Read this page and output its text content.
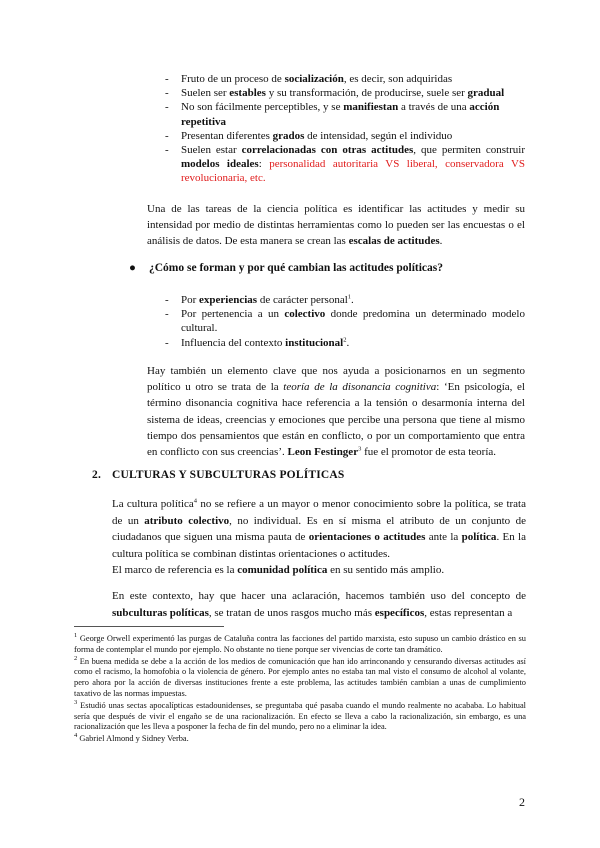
- Fruto de un proceso de socialización, es decir, son adquiridas

- Suelen ser estables y su transformación, de producirse, suele ser gradual

- No son fácilmente perceptibles, y se manifiestan a través de una acción repetitiva

- Presentan diferentes grados de intensidad, según el individuo

- Suelen estar correlacionadas con otras actitudes, que permiten construir modelos ideales: personalidad autoritaria VS liberal, conservadora VS revolucionaria, etc.

Una de las tareas de la ciencia política es identificar las actitudes y medir su intensidad por medio de distintas herramientas como lo pueden ser las encuestas o el análisis de datos. De esta manera se crean las escalas de actitudes.

● ¿Cómo se forman y por qué cambian las actitudes políticas?

- Por experiencias de carácter personal$^1$.

- Por pertenencia a un colectivo donde predomina un determinado modelo cultural.

- Influencia del contexto institucional$^2$.

Hay también un elemento clave que nos ayuda a posicionarnos en un segmento político u otro se trata de la teoría de la disonancia cognitiva: ‘En psicología, el término disonancia cognitiva hace referencia a la tensión o desarmonía interna del sistema de ideas, creencias y emociones que percibe una persona que tiene al mismo tiempo dos pensamientos que están en conflicto, o por un comportamiento que entra en conflicto con sus creencias’. Leon Festinger$^3$ fue el promotor de esta teoría.

2. CULTURAS Y SUBCULTURAS POLÍTICAS

La cultura política$^4$ no se refiere a un mayor o menor conocimiento sobre la política, se trata de un atributo colectivo, no individual. Es en sí misma el atributo de un conjunto de ciudadanos que siguen una misma pauta de orientaciones o actitudes ante la política. En la cultura política se combinan distintas orientaciones o actitudes.

El marco de referencia es la comunidad política en su sentido más amplio.

En este contexto, hay que hacer una aclaración, hacemos también uso del concepto de subculturas políticas, se tratan de unos rasgos mucho más específicos, estas representan a

$^1$ George Orwell experimentó las purgas de Cataluña contra las facciones del partido marxista, esto supuso un cambio drástico en su forma de contemplar el mundo por ejemplo. No obstante no tiene porque ser vivencias de corte tan dramático.

$^2$ En buena medida se debe a la acción de los medios de comunicación que han ido arrinconando y censurando diversas actitudes así como el racismo, la homofobia o la violencia de género. Por ejemplo antes no estaba tan mal visto el consumo de alcohol al volante, pero ahora por la acción de diversas instituciones frente a este problema, las actitudes también cambian a unas de cumplimiento taxativo de las normas impuestas.

$^3$ Estudió unas sectas apocalípticas estadounidenses, se preguntaba qué pasaba cuando el mundo realmente no acababa. Lo habitual sería que después de vivir el engaño se de una racionalización. En efecto se lleva a cabo la racionalización, sin embargo, es una racionalización que les lleva a posponer la fecha de fin del mundo, pero no a eliminar la idea.

$^4$ Gabriel Almond y Sidney Verba.

2
